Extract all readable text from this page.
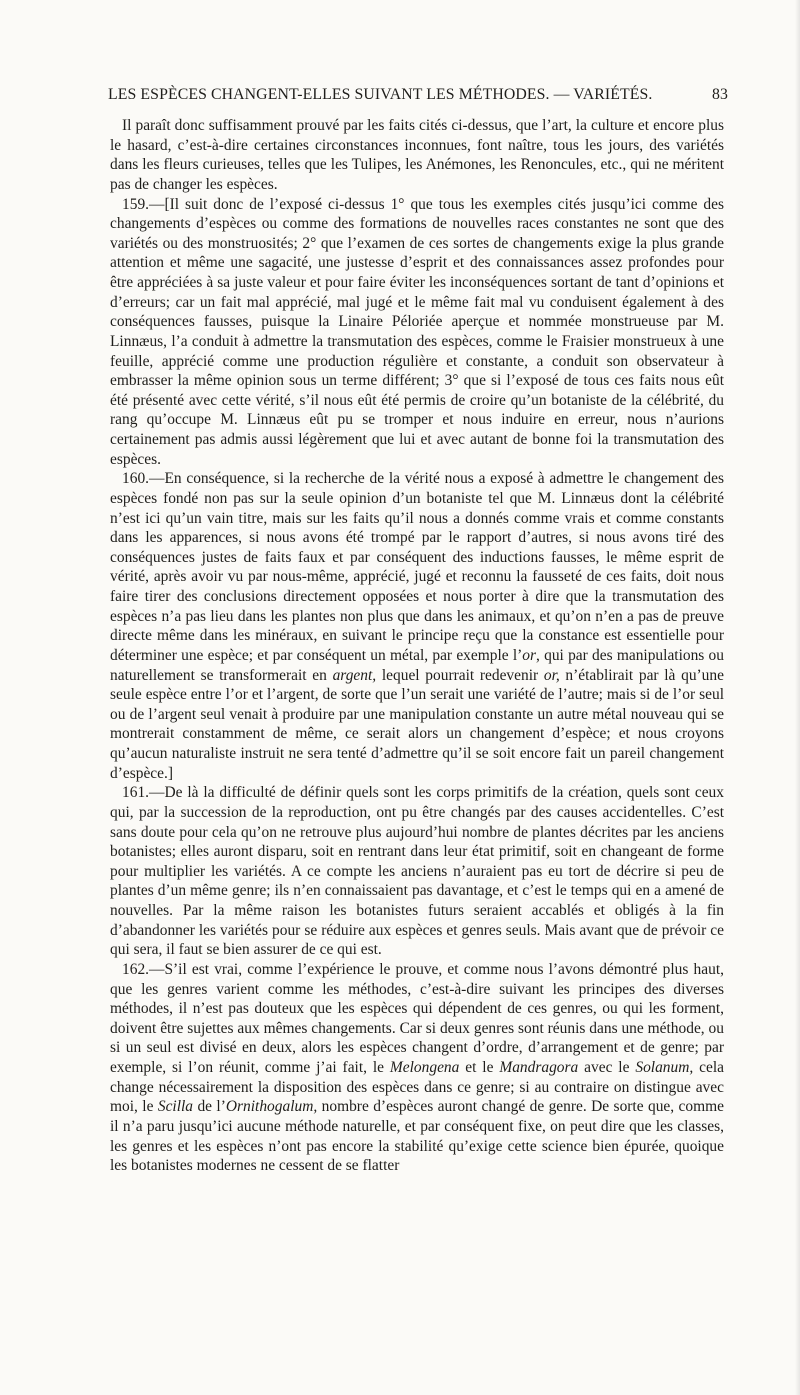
LES ESPÈCES CHANGENT-ELLES SUIVANT LES MÉTHODES. — VARIÉTÉS.	83

Il paraît donc suffisamment prouvé par les faits cités ci-dessus, que l’art, la culture et encore plus le hasard, c’est-à-dire certaines circonstances inconnues, font naître, tous les jours, des variétés dans les fleurs curieuses, telles que les Tulipes, les Anémones, les Renoncules, etc., qui ne méritent pas de changer les espèces.

159.—[Il suit donc de l’exposé ci-dessus 1° que tous les exemples cités jusqu’ici comme des changements d’espèces ou comme des formations de nouvelles races constantes ne sont que des variétés ou des monstruosités; 2° que l’examen de ces sortes de changements exige la plus grande attention et même une sagacité, une justesse d’esprit et des connaissances assez profondes pour être appréciées à sa juste valeur et pour faire éviter les inconséquences sortant de tant d’opinions et d’erreurs; car un fait mal apprécié, mal jugé et le même fait mal vu conduisent également à des conséquences fausses, puisque la Linaire Péloriée aperçue et nommée monstrueuse par M. Linnæus, l’a conduit à admettre la transmutation des espèces, comme le Fraisier monstrueux à une feuille, apprécié comme une production régulière et constante, a conduit son observateur à embrasser la même opinion sous un terme différent; 3° que si l’exposé de tous ces faits nous eût été présenté avec cette vérité, s’il nous eût été permis de croire qu’un botaniste de la célébrité, du rang qu’occupe M. Linnæus eût pu se tromper et nous induire en erreur, nous n’aurions certainement pas admis aussi légèrement que lui et avec autant de bonne foi la transmutation des espèces.

160.—En conséquence, si la recherche de la vérité nous a exposé à admettre le changement des espèces fondé non pas sur la seule opinion d’un botaniste tel que M. Linnæus dont la célébrité n’est ici qu’un vain titre, mais sur les faits qu’il nous a donnés comme vrais et comme constants dans les apparences, si nous avons été trompé par le rapport d’autres, si nous avons tiré des conséquences justes de faits faux et par conséquent des inductions fausses, le même esprit de vérité, après avoir vu par nous-même, apprécié, jugé et reconnu la fausseté de ces faits, doit nous faire tirer des conclusions directement opposées et nous porter à dire que la transmutation des espèces n’a pas lieu dans les plantes non plus que dans les animaux, et qu’on n’en a pas de preuve directe même dans les minéraux, en suivant le principe reçu que la constance est essentielle pour déterminer une espèce; et par conséquent un métal, par exemple l’or, qui par des manipulations ou naturellement se transformerait en argent, lequel pourrait redevenir or, n’établirait par là qu’une seule espèce entre l’or et l’argent, de sorte que l’un serait une variété de l’autre; mais si de l’or seul ou de l’argent seul venait à produire par une manipulation constante un autre métal nouveau qui se montrerait constamment de même, ce serait alors un changement d’espèce; et nous croyons qu’aucun naturaliste instruit ne sera tenté d’admettre qu’il se soit encore fait un pareil changement d’espèce.]

161.—De là la difficulté de définir quels sont les corps primitifs de la création, quels sont ceux qui, par la succession de la reproduction, ont pu être changés par des causes accidentelles. C’est sans doute pour cela qu’on ne retrouve plus aujourd’hui nombre de plantes décrites par les anciens botanistes; elles auront disparu, soit en rentrant dans leur état primitif, soit en changeant de forme pour multiplier les variétés. A ce compte les anciens n’auraient pas eu tort de décrire si peu de plantes d’un même genre; ils n’en connaissaient pas davantage, et c’est le temps qui en a amené de nouvelles. Par la même raison les botanistes futurs seraient accablés et obligés à la fin d’abandonner les variétés pour se réduire aux espèces et genres seuls. Mais avant que de prévoir ce qui sera, il faut se bien assurer de ce qui est.

162.—S’il est vrai, comme l’expérience le prouve, et comme nous l’avons démontré plus haut, que les genres varient comme les méthodes, c’est-à-dire suivant les principes des diverses méthodes, il n’est pas douteux que les espèces qui dépendent de ces genres, ou qui les forment, doivent être sujettes aux mêmes changements. Car si deux genres sont réunis dans une méthode, ou si un seul est divisé en deux, alors les espèces changent d’ordre, d’arrangement et de genre; par exemple, si l’on réunit, comme j’ai fait, le Melongena et le Mandragora avec le Solanum, cela change nécessairement la disposition des espèces dans ce genre; si au contraire on distingue avec moi, le Scilla de l’Ornithogalum, nombre d’espèces auront changé de genre. De sorte que, comme il n’a paru jusqu’ici aucune méthode naturelle, et par conséquent fixe, on peut dire que les classes, les genres et les espèces n’ont pas encore la stabilité qu’exige cette science bien épurée, quoique les botanistes modernes ne cessent de se flatter
